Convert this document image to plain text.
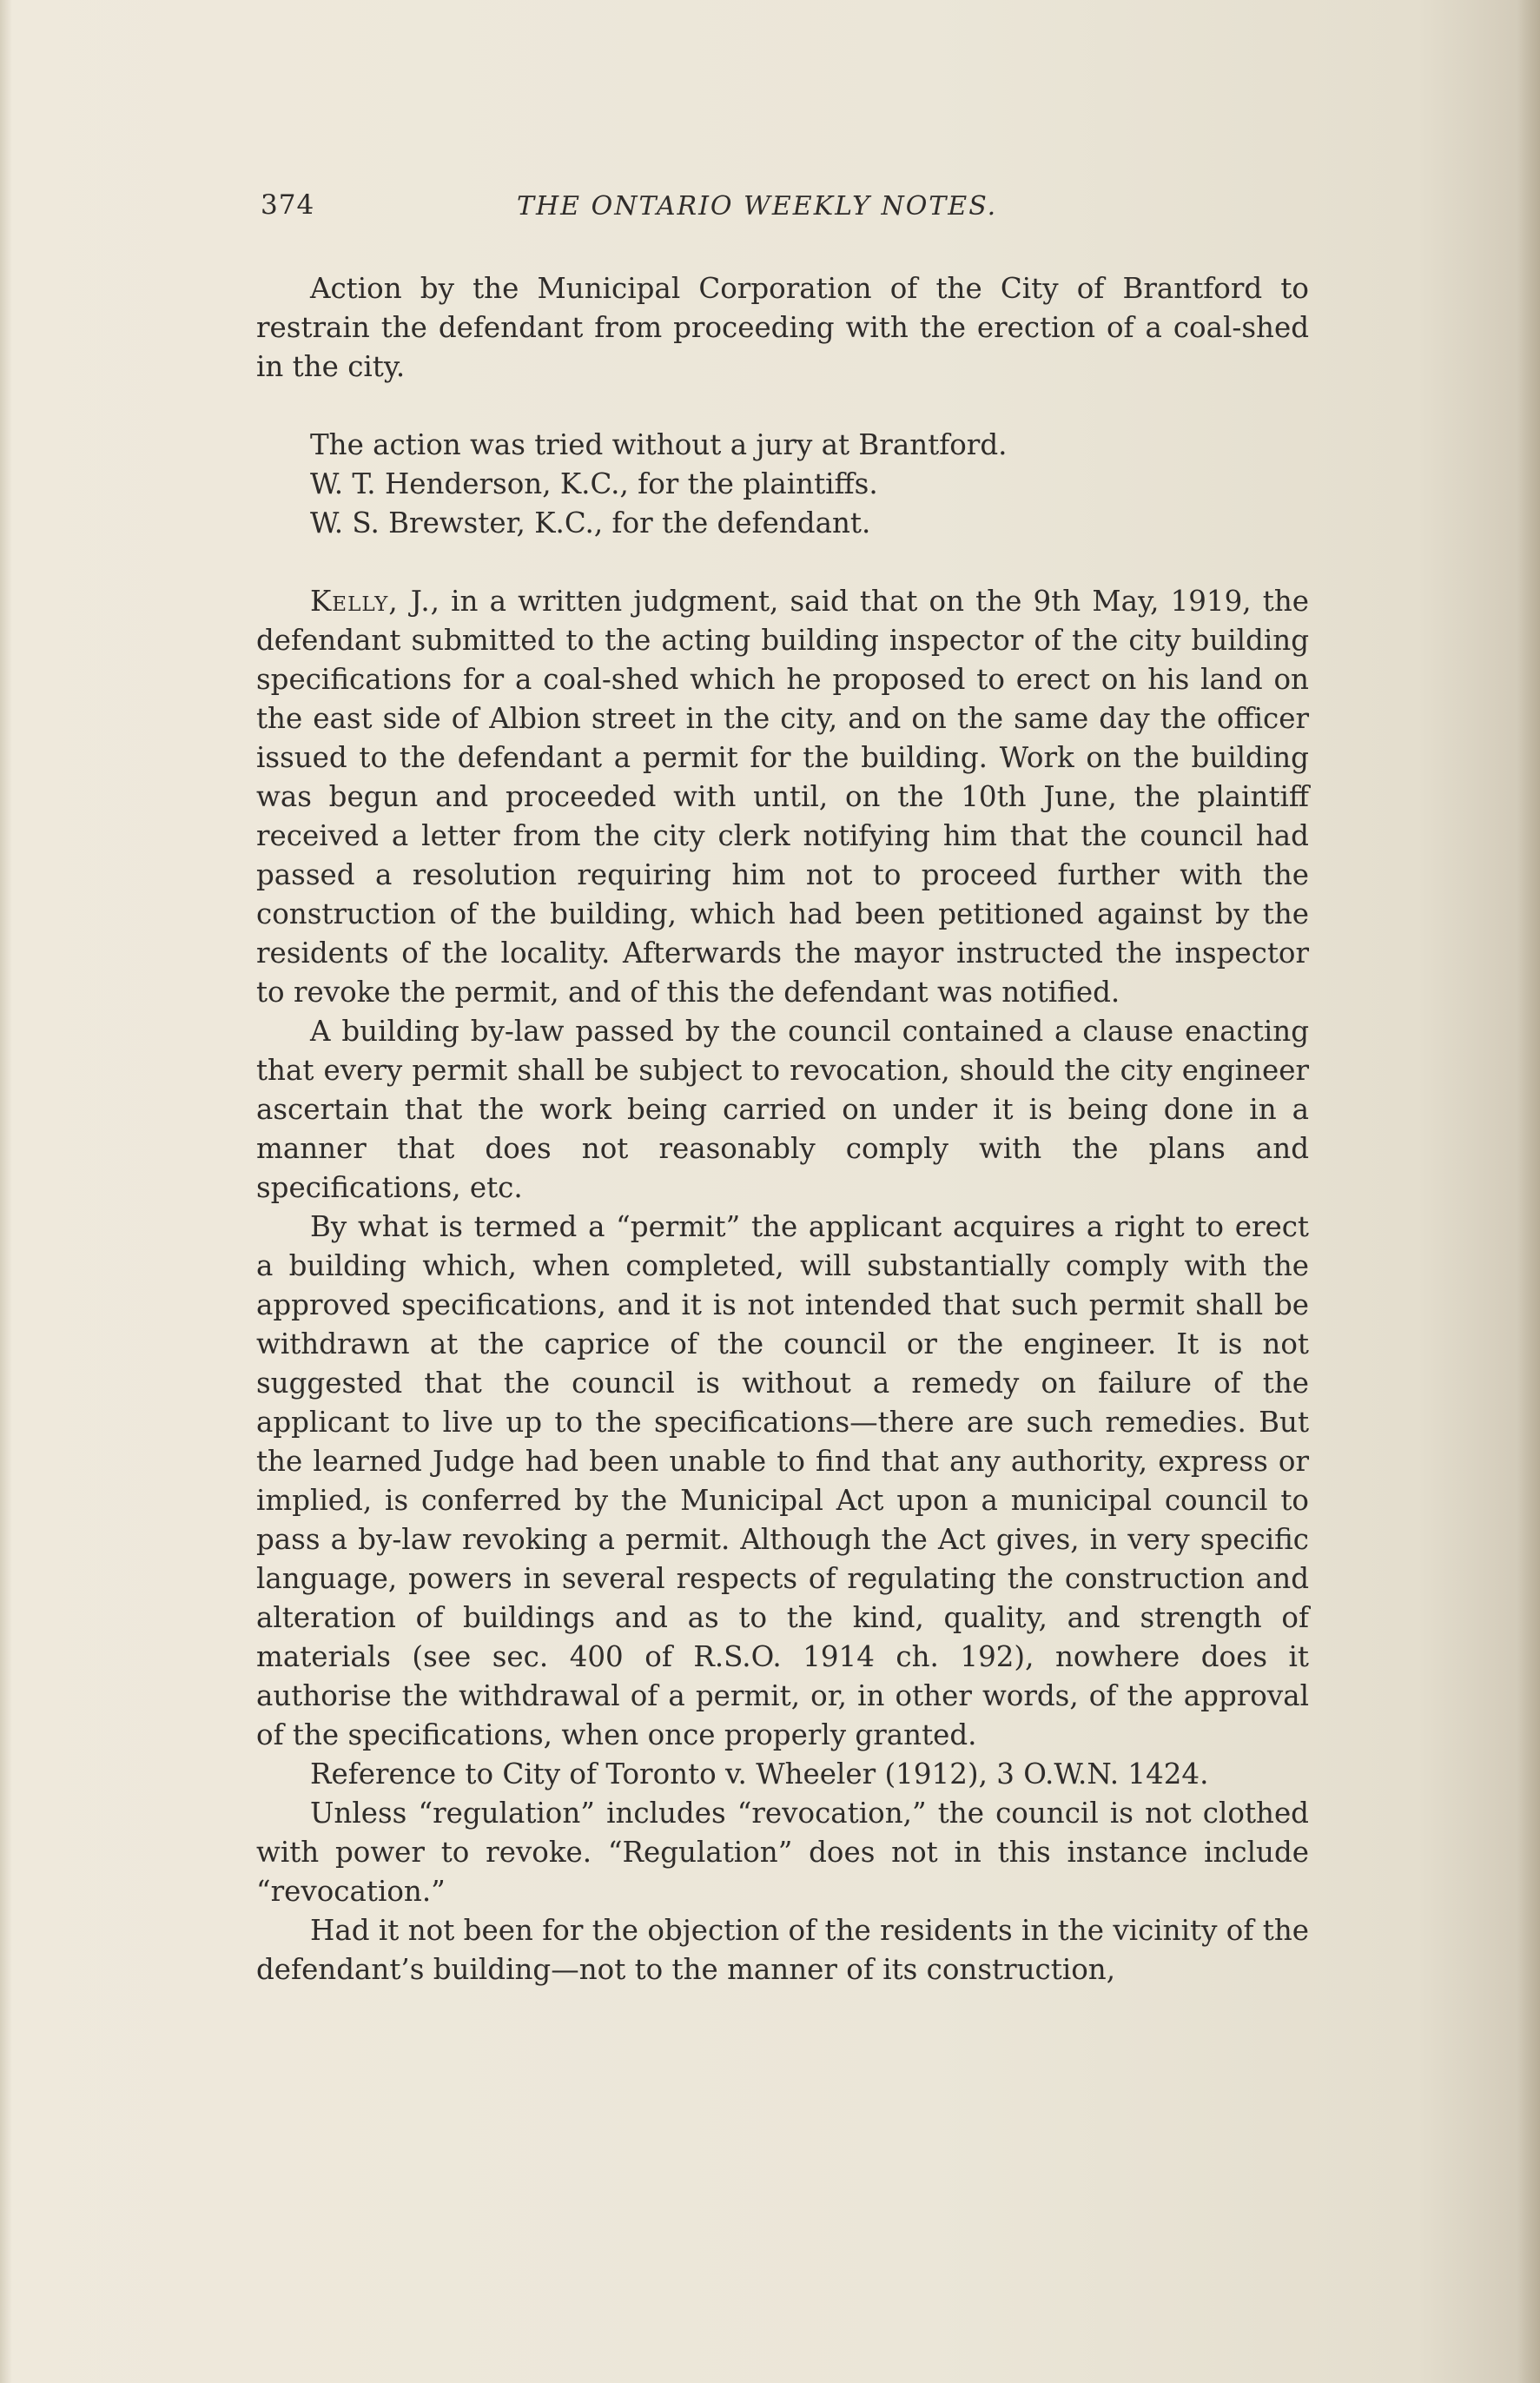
374	THE ONTARIO WEEKLY NOTES.

Action by the Municipal Corporation of the City of Brantford to restrain the defendant from proceeding with the erection of a coal-shed in the city.

The action was tried without a jury at Brantford.

W. T. Henderson, K.C., for the plaintiffs.

W. S. Brewster, K.C., for the defendant.

Kelly, J., in a written judgment, said that on the 9th May, 1919, the defendant submitted to the acting building inspector of the city building specifications for a coal-shed which he proposed to erect on his land on the east side of Albion street in the city, and on the same day the officer issued to the defendant a permit for the building. Work on the building was begun and proceeded with until, on the 10th June, the plaintiff received a letter from the city clerk notifying him that the council had passed a resolution requiring him not to proceed further with the construction of the building, which had been petitioned against by the residents of the locality. Afterwards the mayor instructed the inspector to revoke the permit, and of this the defendant was notified.

A building by-law passed by the council contained a clause enacting that every permit shall be subject to revocation, should the city engineer ascertain that the work being carried on under it is being done in a manner that does not reasonably comply with the plans and specifications, etc.

By what is termed a “permit” the applicant acquires a right to erect a building which, when completed, will substantially comply with the approved specifications, and it is not intended that such permit shall be withdrawn at the caprice of the council or the engineer. It is not suggested that the council is without a remedy on failure of the applicant to live up to the specifications—there are such remedies. But the learned Judge had been unable to find that any authority, express or implied, is conferred by the Municipal Act upon a municipal council to pass a by-law revoking a permit. Although the Act gives, in very specific language, powers in several respects of regulating the construction and alteration of buildings and as to the kind, quality, and strength of materials (see sec. 400 of R.S.O. 1914 ch. 192), nowhere does it authorise the withdrawal of a permit, or, in other words, of the approval of the specifications, when once properly granted.

Reference to City of Toronto v. Wheeler (1912), 3 O.W.N. 1424.

Unless “regulation” includes “revocation,” the council is not clothed with power to revoke. “Regulation” does not in this instance include “revocation.”

Had it not been for the objection of the residents in the vicinity of the defendant’s building—not to the manner of its construction,
